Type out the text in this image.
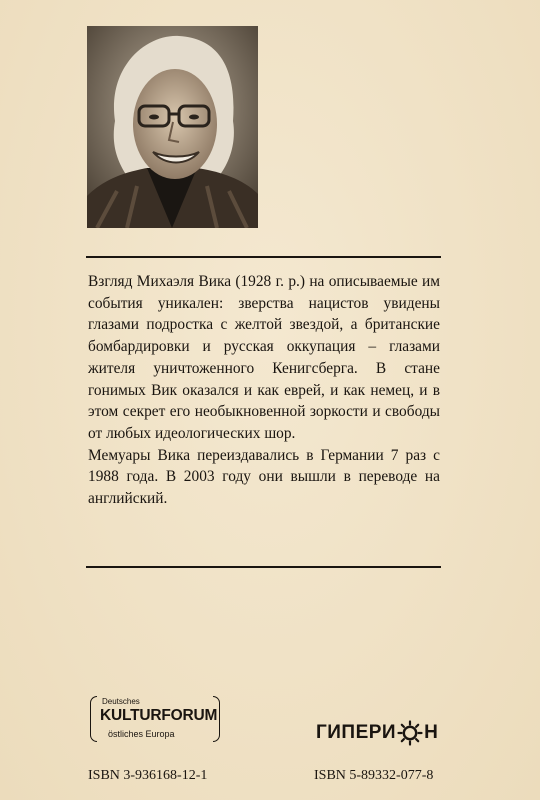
Взгляд Михаэля Вика (1928 г. р.) на описываемые им события уникален: зверства нацистов увидены глазами подростка с желтой звездой, а британские бомбардировки и русская оккупация – глазами жителя уничтоженного Кенигсберга. В стане гонимых Вик оказался и как еврей, и как немец, и в этом секрет его необыкновенной зоркости и свободы от любых идеологических шор.

Мемуары Вика переиздавались в Германии 7 раз с 1988 года. В 2003 году они вышли в переводе на английский.

Deutsches
KULTURFORUM
östliches Europa	ГИПЕРИ Н
ISBN 3-936168-12-1	ISBN 5-89332-077-8
